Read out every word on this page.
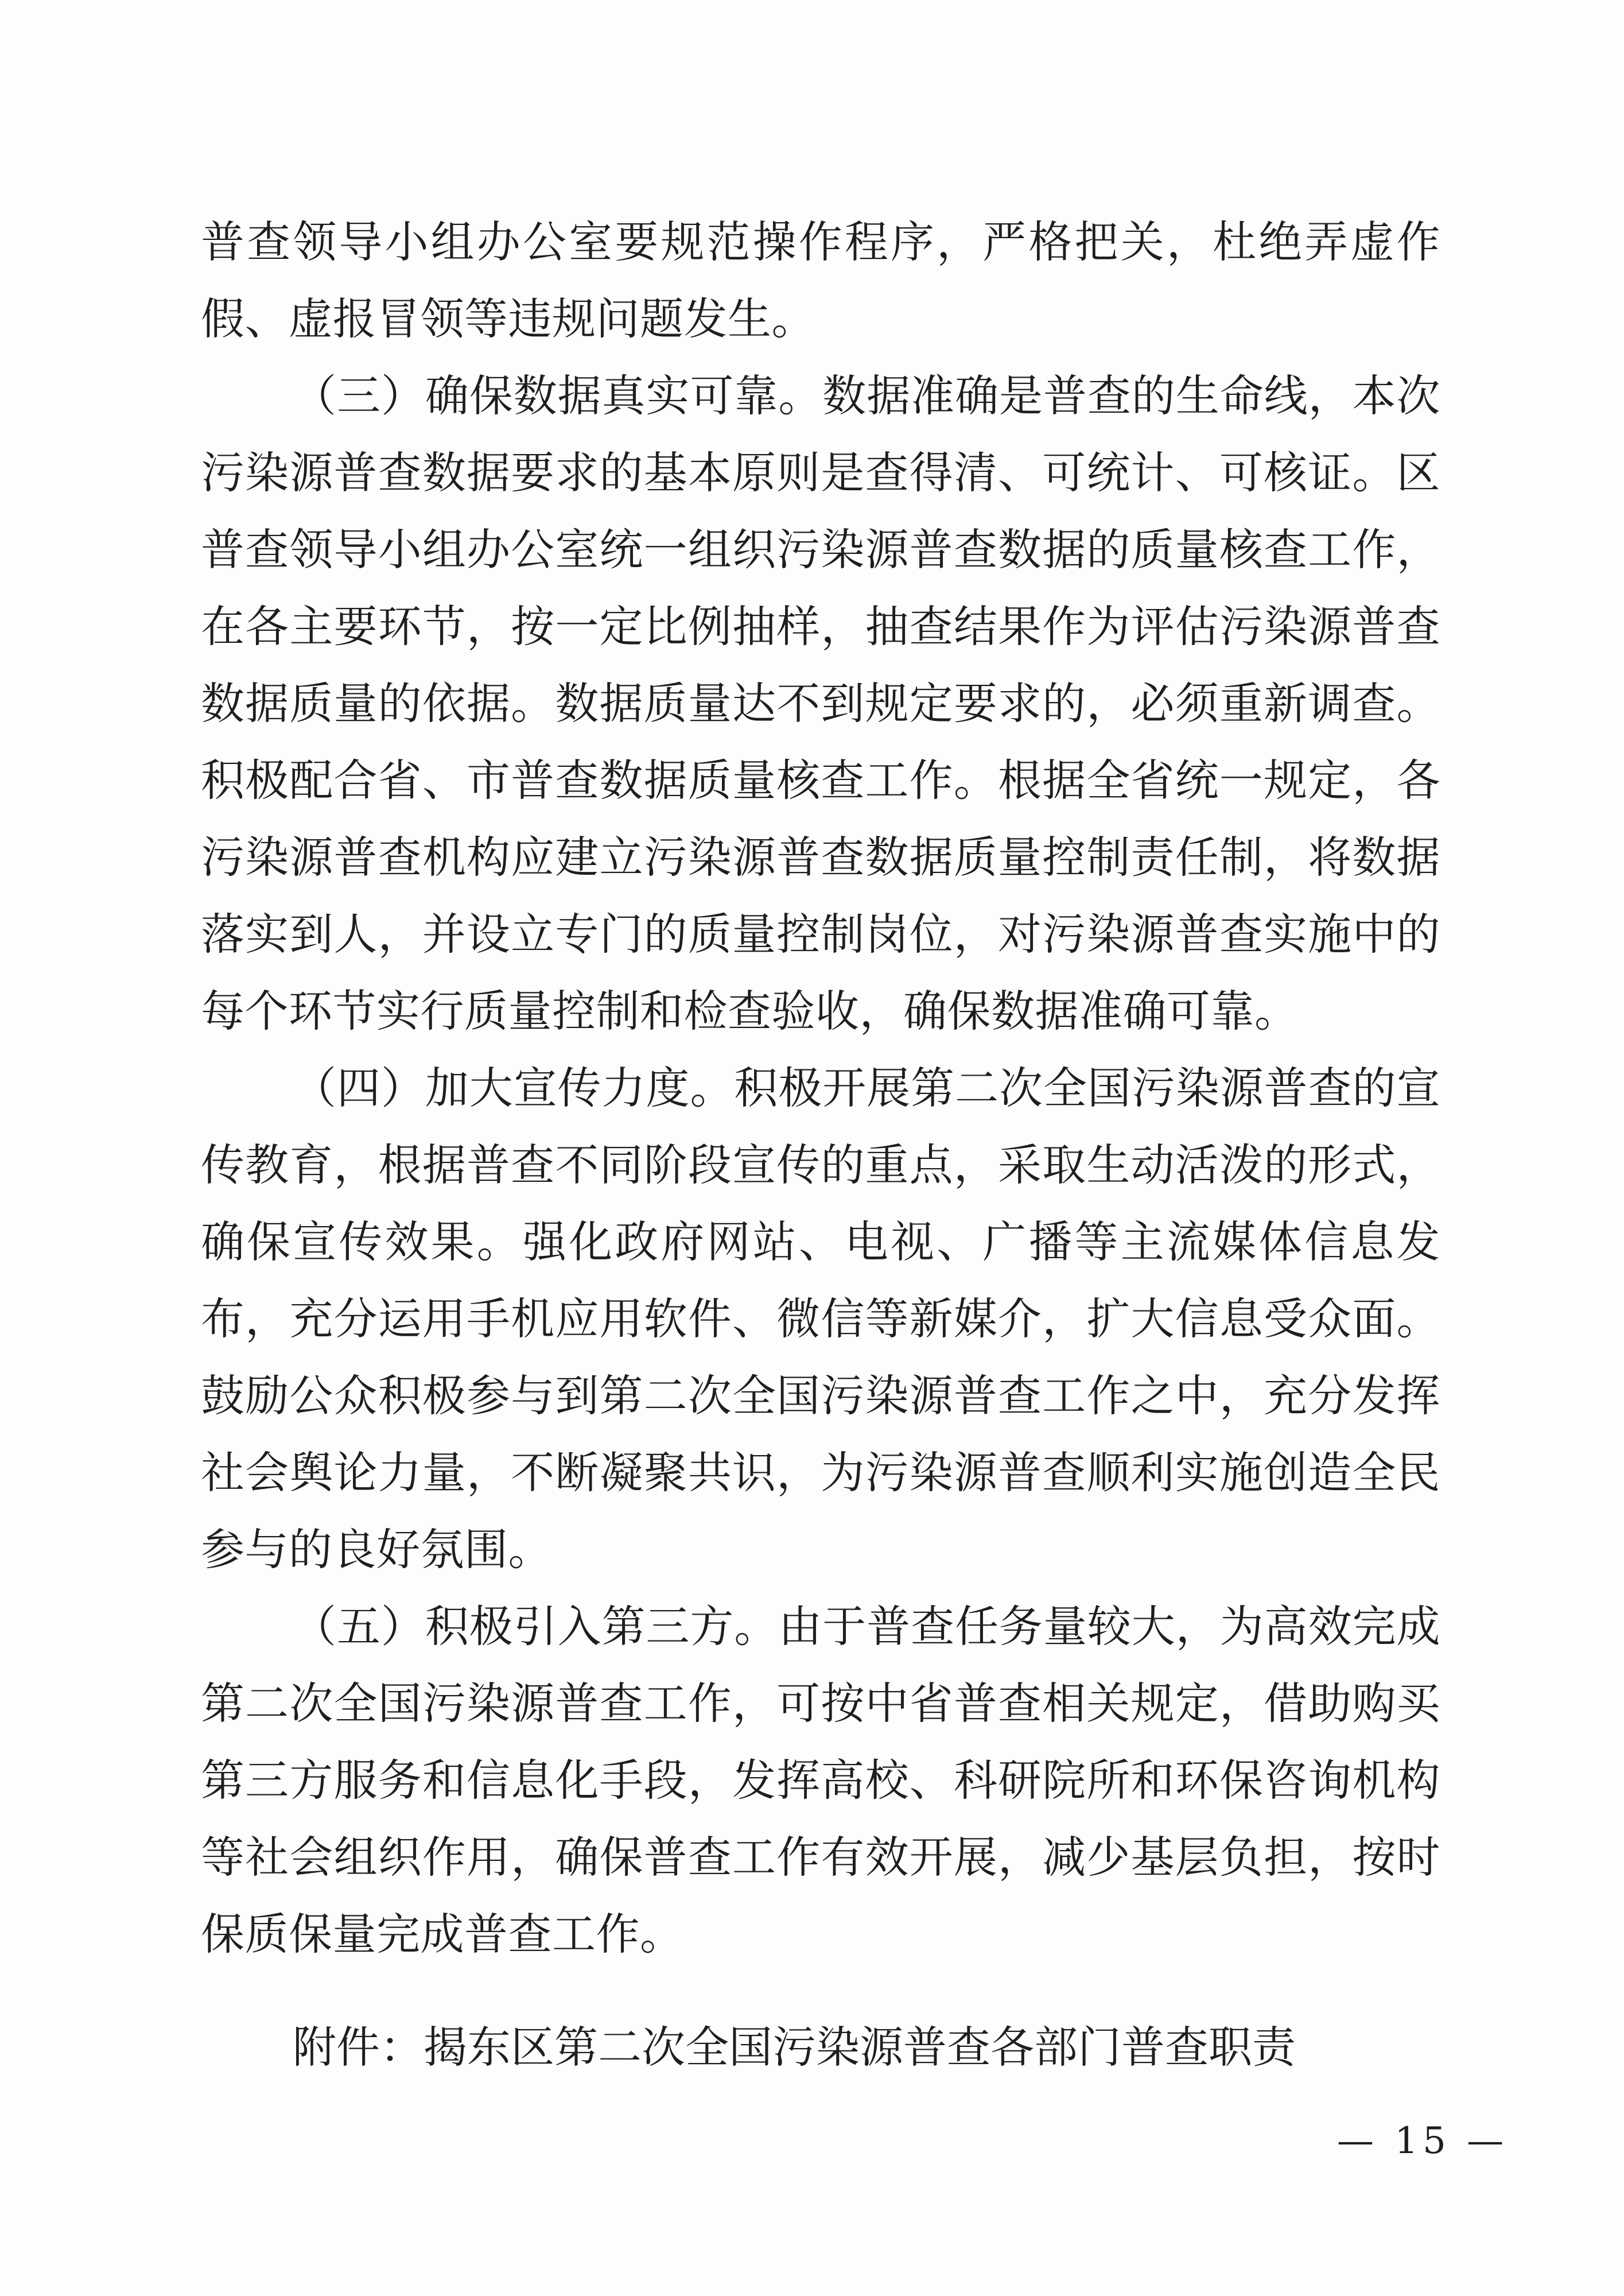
普查领导小组办公室要规范操作程序，严格把关，杜绝弄虚作
假、虚报冒领等违规问题发生。
（三）确保数据真实可靠。数据准确是普查的生命线，本次
污染源普查数据要求的基本原则是查得清、可统计、可核证。区
普查领导小组办公室统一组织污染源普查数据的质量核查工作，
在各主要环节，按一定比例抽样，抽查结果作为评估污染源普查
数据质量的依据。数据质量达不到规定要求的，必须重新调查。
积极配合省、市普查数据质量核查工作。根据全省统一规定，各
污染源普查机构应建立污染源普查数据质量控制责任制，将数据
落实到人，并设立专门的质量控制岗位，对污染源普查实施中的
每个环节实行质量控制和检查验收，确保数据准确可靠。
（四）加大宣传力度。积极开展第二次全国污染源普查的宣
传教育，根据普查不同阶段宣传的重点，采取生动活泼的形式，
确保宣传效果。强化政府网站、电视、广播等主流媒体信息发
布，充分运用手机应用软件、微信等新媒介，扩大信息受众面。
鼓励公众积极参与到第二次全国污染源普查工作之中，充分发挥
社会舆论力量，不断凝聚共识，为污染源普查顺利实施创造全民
参与的良好氛围。
（五）积极引入第三方。由于普查任务量较大，为高效完成
第二次全国污染源普查工作，可按中省普查相关规定，借助购买
第三方服务和信息化手段，发挥高校、科研院所和环保咨询机构
等社会组织作用，确保普查工作有效开展，减少基层负担，按时
保质保量完成普查工作。
附件：揭东区第二次全国污染源普查各部门普查职责
— 15 —
